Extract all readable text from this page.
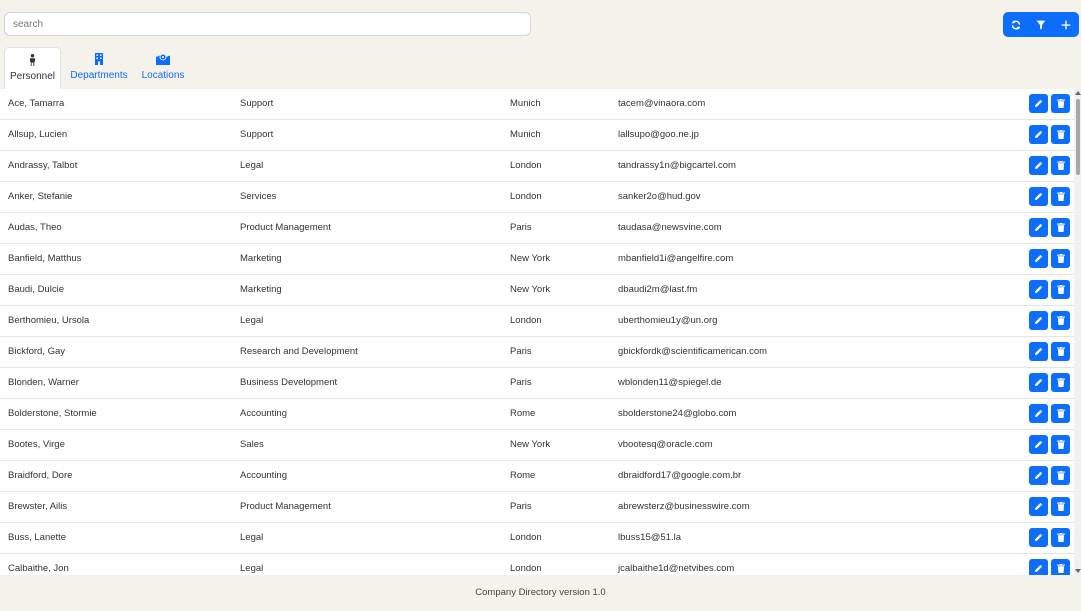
search
Personnel Departments Locations
Ace, Tamarra	Support	Munich	tacem@vinaora.com
Allsup, Lucien	Support	Munich	lallsupo@goo.ne.jp
Andrassy, Talbot	Legal	London	tandrassy1n@bigcartel.com
Anker, Stefanie	Services	London	sanker2o@hud.gov
Audas, Theo	Product Management	Paris	taudasa@newsvine.com
Banfield, Matthus	Marketing	New York	mbanfield1i@angelfire.com
Baudi, Dulcie	Marketing	New York	dbaudi2m@last.fm
Berthomieu, Ursola	Legal	London	uberthomieu1y@un.org
Bickford, Gay	Research and Development	Paris	gbickfordk@scientificamerican.com
Blonden, Warner	Business Development	Paris	wblonden11@spiegel.de
Bolderstone, Stormie	Accounting	Rome	sbolderstone24@globo.com
Bootes, Virge	Sales	New York	vbootesq@oracle.com
Braidford, Dore	Accounting	Rome	dbraidford17@google.com.br
Brewster, Ailis	Product Management	Paris	abrewsterz@businesswire.com
Buss, Lanette	Legal	London	lbuss15@51.la
Calbaithe, Jon	Legal	London	jcalbaithe1d@netvibes.com
Company Directory version 1.0
